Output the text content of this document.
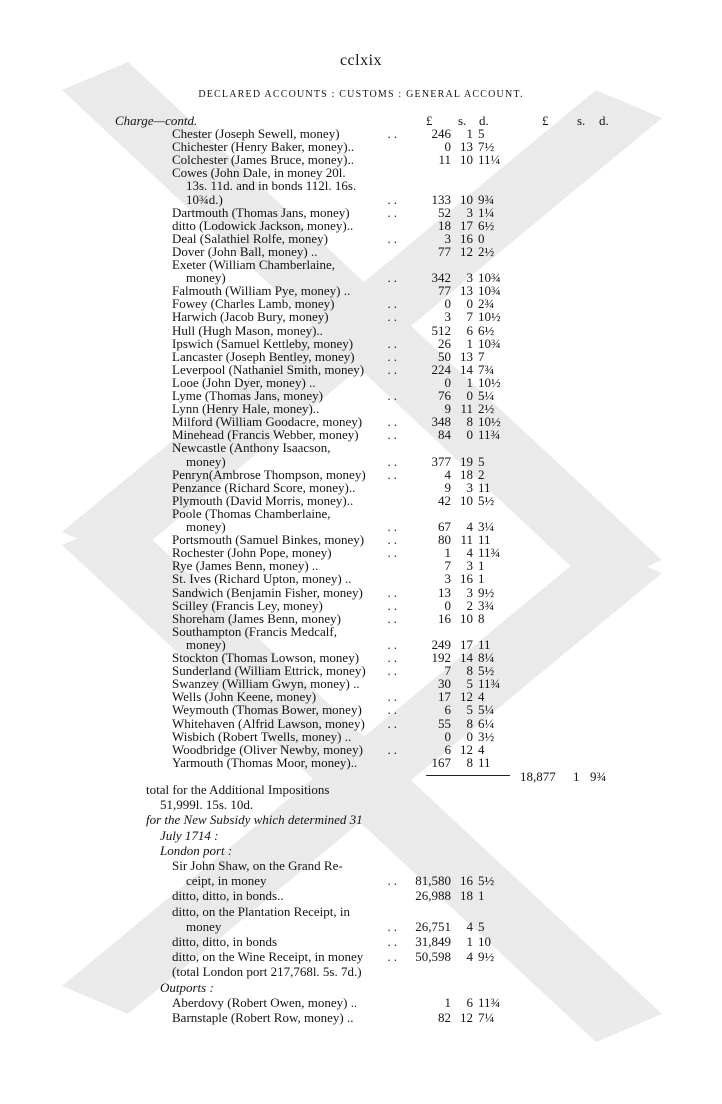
cclxix
DECLARED ACCOUNTS : CUSTOMS : GENERAL ACCOUNT.
£ s. d.	£ s. d.
Charge—contd.
Chester (Joseph Sewell, money)	..	246	1 5
Chichester (Henry Baker, money)..	0 13 7½
Colchester (James Bruce, money)..	11 10 11¼
Cowes (John Dale, in money 20l.
13s. 11d. and in bonds 112l. 16s.
10¾d.)	..	133 10 9¾
Dartmouth (Thomas Jans, money)	..	52	3 1¼
ditto (Lodowick Jackson, money)..	18 17 6½
Deal (Salathiel Rolfe, money)	..	3 16 0
Dover (John Ball, money) ..	77 12 2½
Exeter (William Chamberlaine,
money)	..	342	3 10¾
Falmouth (William Pye, money) ..	77 13 10¾
Fowey (Charles Lamb, money)	..	0	0 2¾
Harwich (Jacob Bury, money)	..	3	7 10½
Hull (Hugh Mason, money)..	512	6 6½
Ipswich (Samuel Kettleby, money)	..	26	1 10¾
Lancaster (Joseph Bentley, money)	..	50 13 7
Leverpool (Nathaniel Smith, money)	..	224 14 7¾
Looe (John Dyer, money) ..	0	1 10½
Lyme (Thomas Jans, money)	..	76	0 5¼
Lynn (Henry Hale, money)..	9 11 2½
Milford (William Goodacre, money)	..	348	8 10½
Minehead (Francis Webber, money)	..	84	0 11¾
Newcastle (Anthony Isaacson,
money)	..	377 19 5
Penryn(Ambrose Thompson, money)	..	4 18 2
Penzance (Richard Score, money)..	9	3 11
Plymouth (David Morris, money)..	42 10 5½
Poole (Thomas Chamberlaine,
money)	..	67	4 3¼
Portsmouth (Samuel Binkes, money)	..	80 11 11
Rochester (John Pope, money)	..	1	4 11¾
Rye (James Benn, money) ..	7	3 1
St. Ives (Richard Upton, money) ..	3 16 1
Sandwich (Benjamin Fisher, money)	..	13	3 9½
Scilley (Francis Ley, money)	..	0	2 3¾
Shoreham (James Benn, money)	..	16 10 8
Southampton (Francis Medcalf,
money)	..	249 17 11
Stockton (Thomas Lowson, money)	..	192 14 8¼
Sunderland (William Ettrick, money)	..	7	8 5½
Swanzey (William Gwyn, money) ..	30	5 11¾
Wells (John Keene, money)	..	17 12 4
Weymouth (Thomas Bower, money)	..	6	5 5¼
Whitehaven (Alfrid Lawson, money)	..	55	8 6¼
Wisbich (Robert Twells, money) ..	0	0 3½
Woodbridge (Oliver Newby, money)	..	6 12 4
Yarmouth (Thomas Moor, money)..	167	8 11
18,877 1 9¾
total for the Additional Impositions
51,999l. 15s. 10d.
for the New Subsidy which determined 31
July 1714 :
London port :
Sir John Shaw, on the Grand Re-
ceipt, in money	..	81,580 16 5½
ditto, ditto, in bonds..	26,988 18 1
ditto, on the Plantation Receipt, in
money	..	26,751	4 5
ditto, ditto, in bonds	..	31,849	1 10
ditto, on the Wine Receipt, in money	..	50,598	4 9½
(total London port 217,768l. 5s. 7d.)
Outports :
Aberdovy (Robert Owen, money) ..	1	6 11¾
Barnstaple (Robert Row, money) ..	82 12 7¼
